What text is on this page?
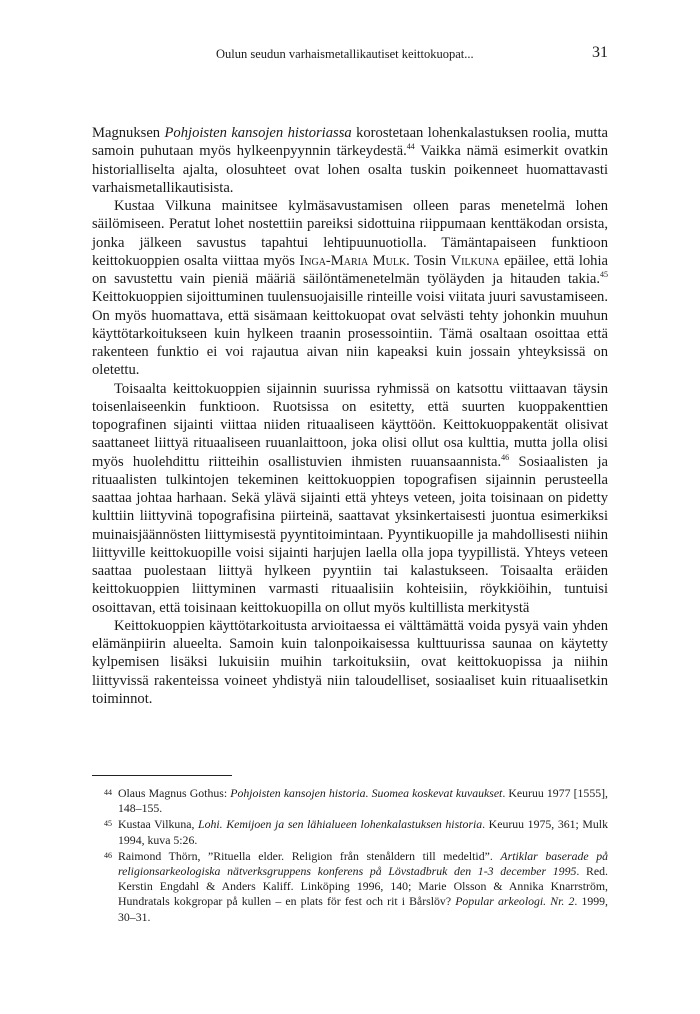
Oulun seudun varhaismetallikautiset keittokuopat...	31

Magnuksen Pohjoisten kansojen historiassa korostetaan lohenkalastuksen roolia, mutta samoin puhutaan myös hylkeenpyynnin tärkeydestä.$^{44}$ Vaikka nämä esimerkit ovatkin historialliselta ajalta, olosuhteet ovat lohen osalta tuskin poikenneet huomattavasti varhaismetallikautisista.

Kustaa Vilkuna mainitsee kylmäsavustamisen olleen paras menetelmä lohen säilömiseen. Peratut lohet nostettiin pareiksi sidottuina riippumaan kenttäkodan orsista, jonka jälkeen savustus tapahtui lehtipuunuotiolla. Tämäntapaiseen funktioon keittokuoppien osalta viittaa myös Inga-Maria Mulk. Tosin Vilkuna epäilee, että lohia on savustettu vain pieniä määriä säilöntämenetelmän työläyden ja hitauden takia.$^{45}$ Keittokuoppien sijoittuminen tuulensuojaisille rinteille voisi viitata juuri savustamiseen. On myös huomattava, että sisämaan keittokuopat ovat selvästi tehty johonkin muuhun käyttötarkoitukseen kuin hylkeen traanin prosessointiin. Tämä osaltaan osoittaa että rakenteen funktio ei voi rajautua aivan niin kapeaksi kuin jossain yhteyksissä on oletettu.

Toisaalta keittokuoppien sijainnin suurissa ryhmissä on katsottu viittaavan täysin toisenlaiseenkin funktioon. Ruotsissa on esitetty, että suurten kuoppakenttien topografinen sijainti viittaa niiden rituaaliseen käyttöön. Keittokuoppakentät olisivat saattaneet liittyä rituaaliseen ruuanlaittoon, joka olisi ollut osa kulttia, mutta jolla olisi myös huolehdittu riitteihin osallistuvien ihmisten ruuansaannista.$^{46}$ Sosiaalisten ja rituaalisten tulkintojen tekeminen keittokuoppien topografisen sijainnin perusteella saattaa johtaa harhaan. Sekä ylävä sijainti että yhteys veteen, joita toisinaan on pidetty kulttiin liittyvinä topografisina piirteinä, saattavat yksinkertaisesti juontua esimerkiksi muinaisjäännösten liittymisestä pyyntitoimintaan. Pyyntikuopille ja mahdollisesti niihin liittyville keittokuopille voisi sijainti harjujen laella olla jopa tyypillistä. Yhteys veteen saattaa puolestaan liittyä hylkeen pyyntiin tai kalastukseen. Toisaalta eräiden keittokuoppien liittyminen varmasti rituaalisiin kohteisiin, röykkiöihin, tuntuisi osoittavan, että toisinaan keittokuopilla on ollut myös kultillista merkitystä

Keittokuoppien käyttötarkoitusta arvioitaessa ei välttämättä voida pysyä vain yhden elämänpiirin alueelta. Samoin kuin talonpoikaisessa kulttuurissa saunaa on käytetty kylpemisen lisäksi lukuisiin muihin tarkoituksiin, ovat keittokuopissa ja niihin liittyvissä rakenteissa voineet yhdistyä niin taloudelliset, sosiaaliset kuin rituaalisetkin toiminnot.

44 Olaus Magnus Gothus: Pohjoisten kansojen historia. Suomea koskevat kuvaukset. Keuruu 1977 [1555], 148–155.

45 Kustaa Vilkuna, Lohi. Kemijoen ja sen lähialueen lohenkalastuksen historia. Keuruu 1975, 361; Mulk 1994, kuva 5:26.

46 Raimond Thörn, ”Rituella elder. Religion från stenåldern till medeltid”. Artiklar baserade på religionsarkeologiska nätverksgruppens konferens på Lövstadbruk den 1-3 december 1995. Red. Kerstin Engdahl & Anders Kaliff. Linköping 1996, 140; Marie Olsson & Annika Knarrström, Hundratals kokgropar på kullen – en plats för fest och rit i Bårslöv? Popular arkeologi. Nr. 2. 1999, 30–31.
